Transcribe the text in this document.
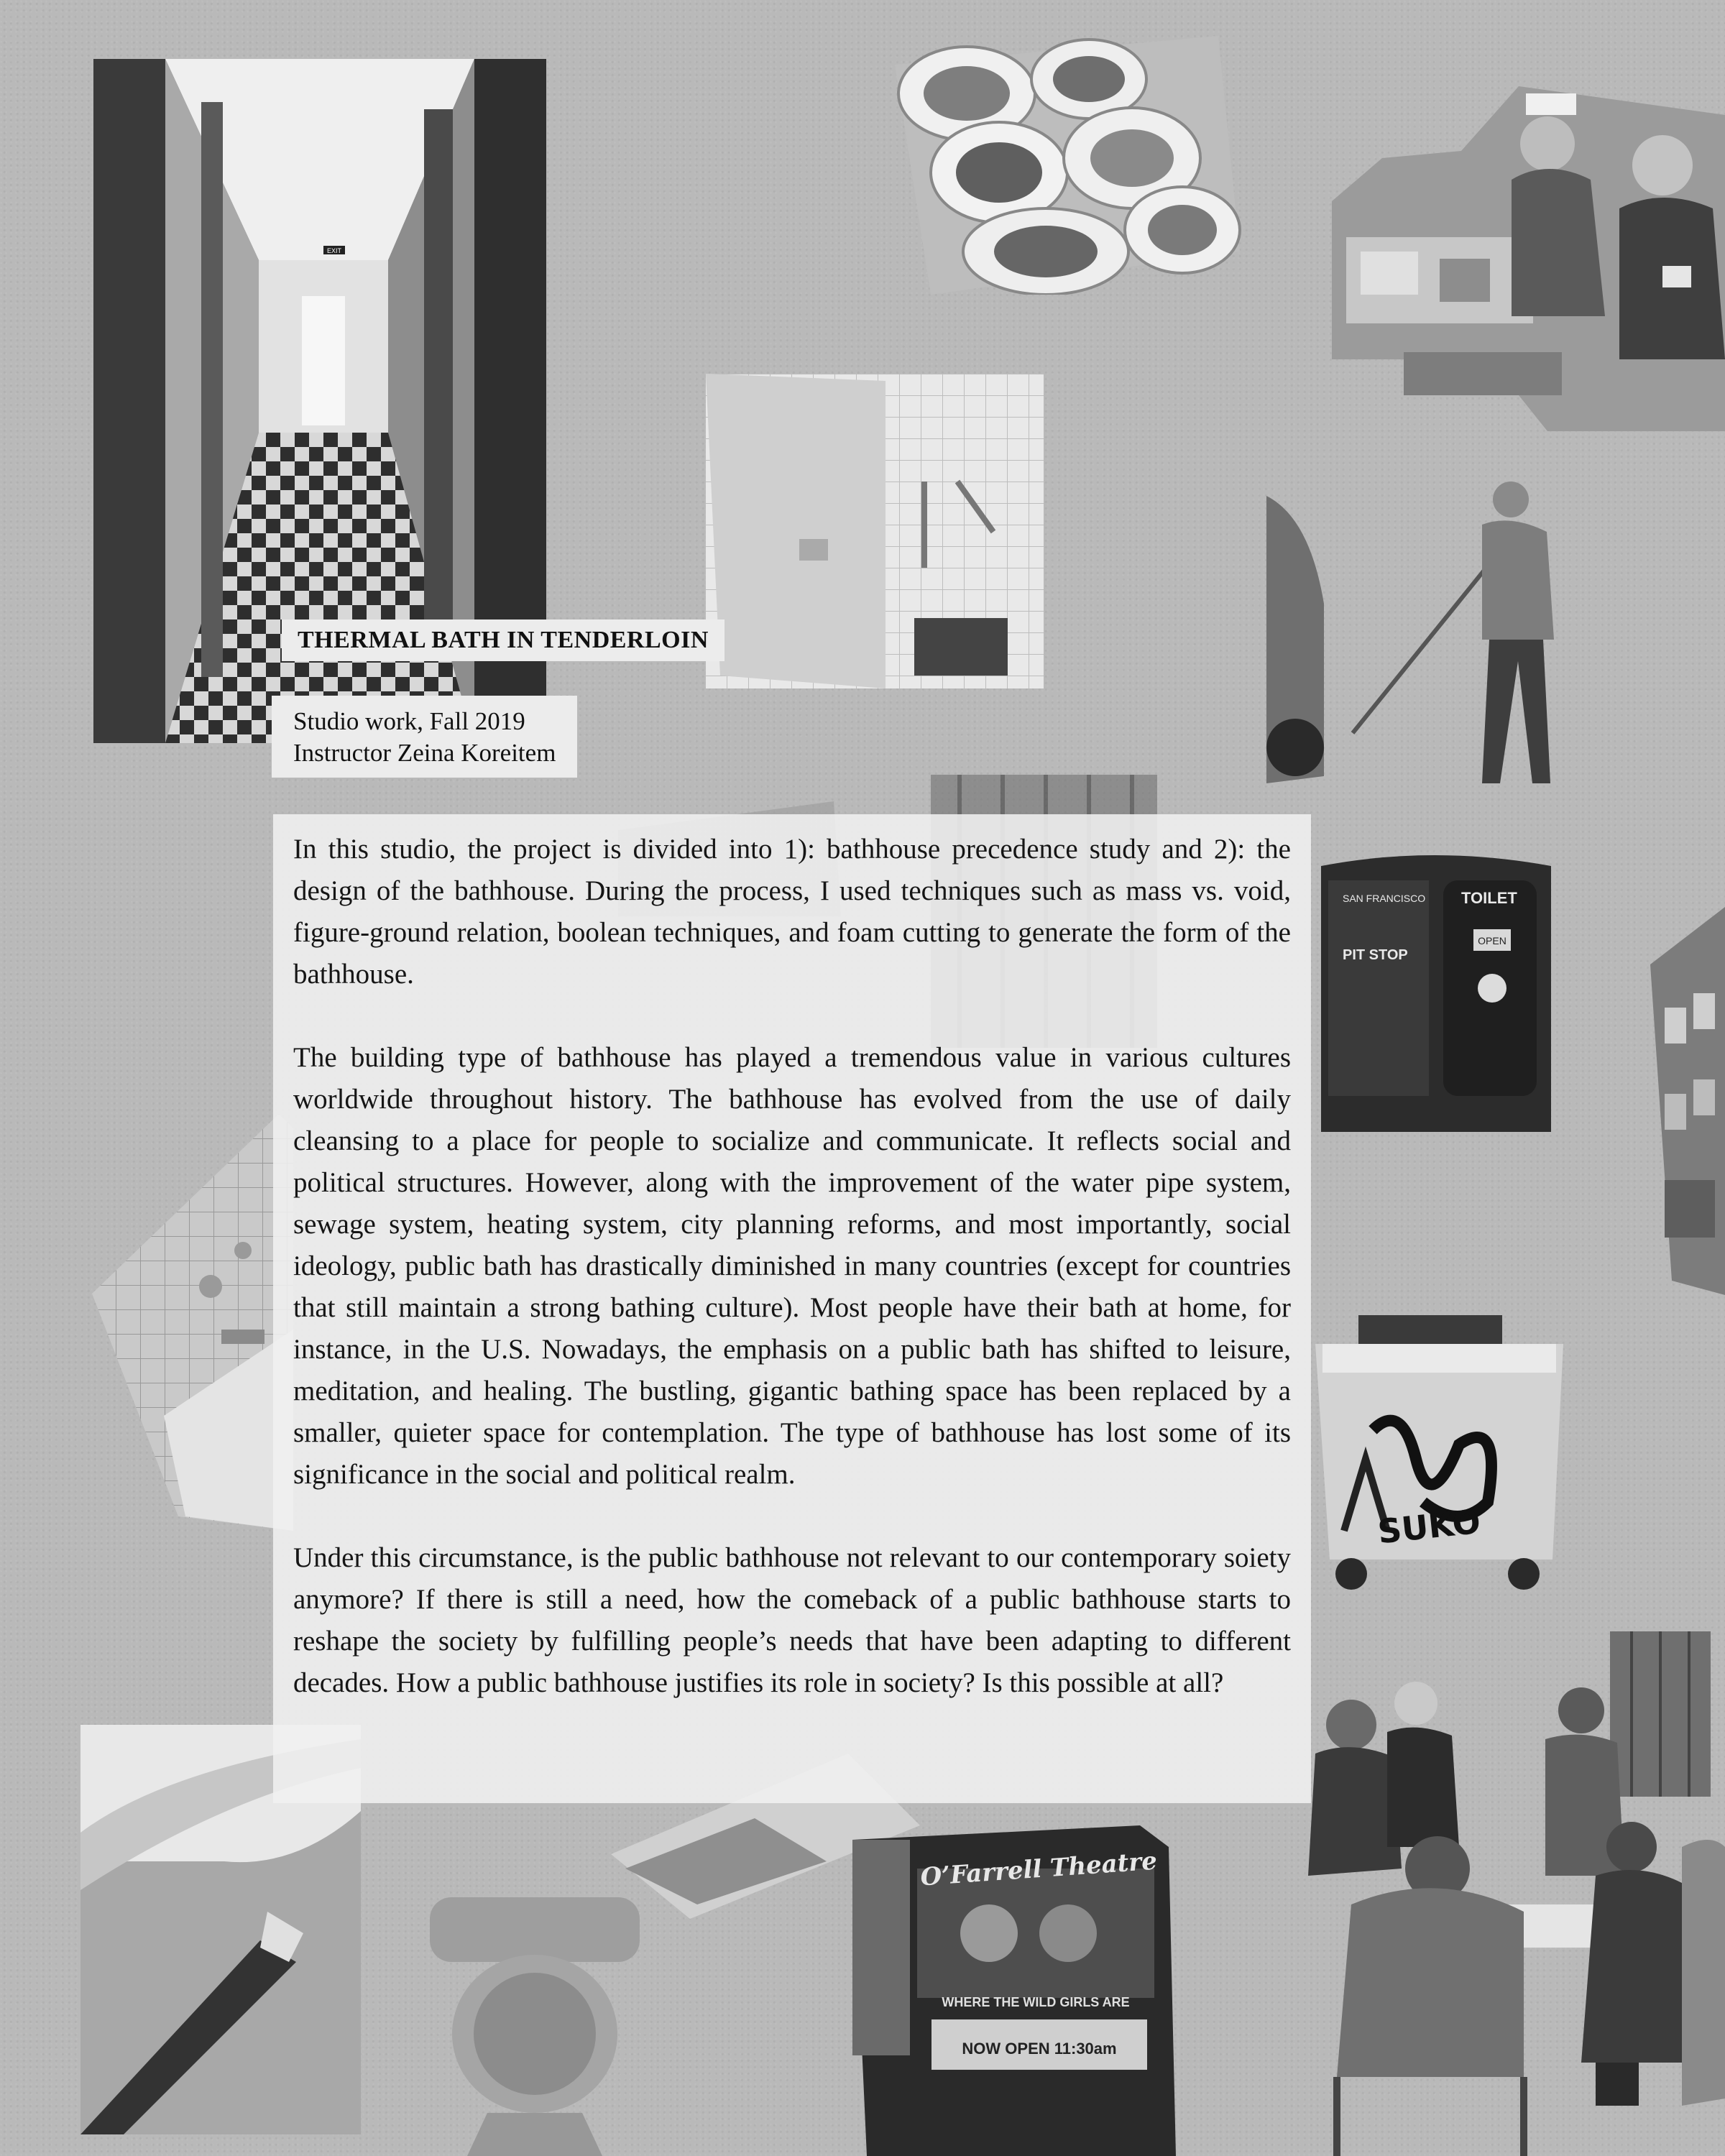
EXIT
SAN FRANCISCO TOILET
OPEN
PIT STOP
SUKO
O’Farrell Theatre
WHERE THE WILD GIRLS ARE
NOW OPEN 11:30am
THERMAL BATH IN TENDERLOIN
Studio work, Fall 2019
Instructor Zeina Koreitem

In this studio, the project is divided into 1): bathhouse precedence study and 2): the design of the bathhouse. During the process, I used techniques such as mass vs. void, figure-ground relation, boolean techniques, and foam cutting to generate the form of the bathhouse.

The building type of bathhouse has played a tremendous value in various cultures worldwide throughout history. The bathhouse has evolved from the use of daily cleansing to a place for people to socialize and communicate. It reflects social and political structures. However, along with the improvement of the water pipe system, sewage system, heating system, city planning reforms, and most importantly, social ideology, public bath has drastically diminished in many countries (except for countries that still maintain a strong bathing culture). Most people have their bath at home, for instance, in the U.S. Nowadays, the emphasis on a public bath has shifted to leisure, meditation, and healing. The bustling, gigantic bathing space has been replaced by a smaller, quieter space for contemplation. The type of bathhouse has lost some of its significance in the social and political realm.

Under this circumstance, is the public bathhouse not relevant to our contemporary soiety anymore? If there is still a need, how the comeback of a public bathhouse starts to reshape the society by fulfilling people’s needs that have been adapting to different decades. How a public bathhouse justifies its role in society? Is this possible at all?
